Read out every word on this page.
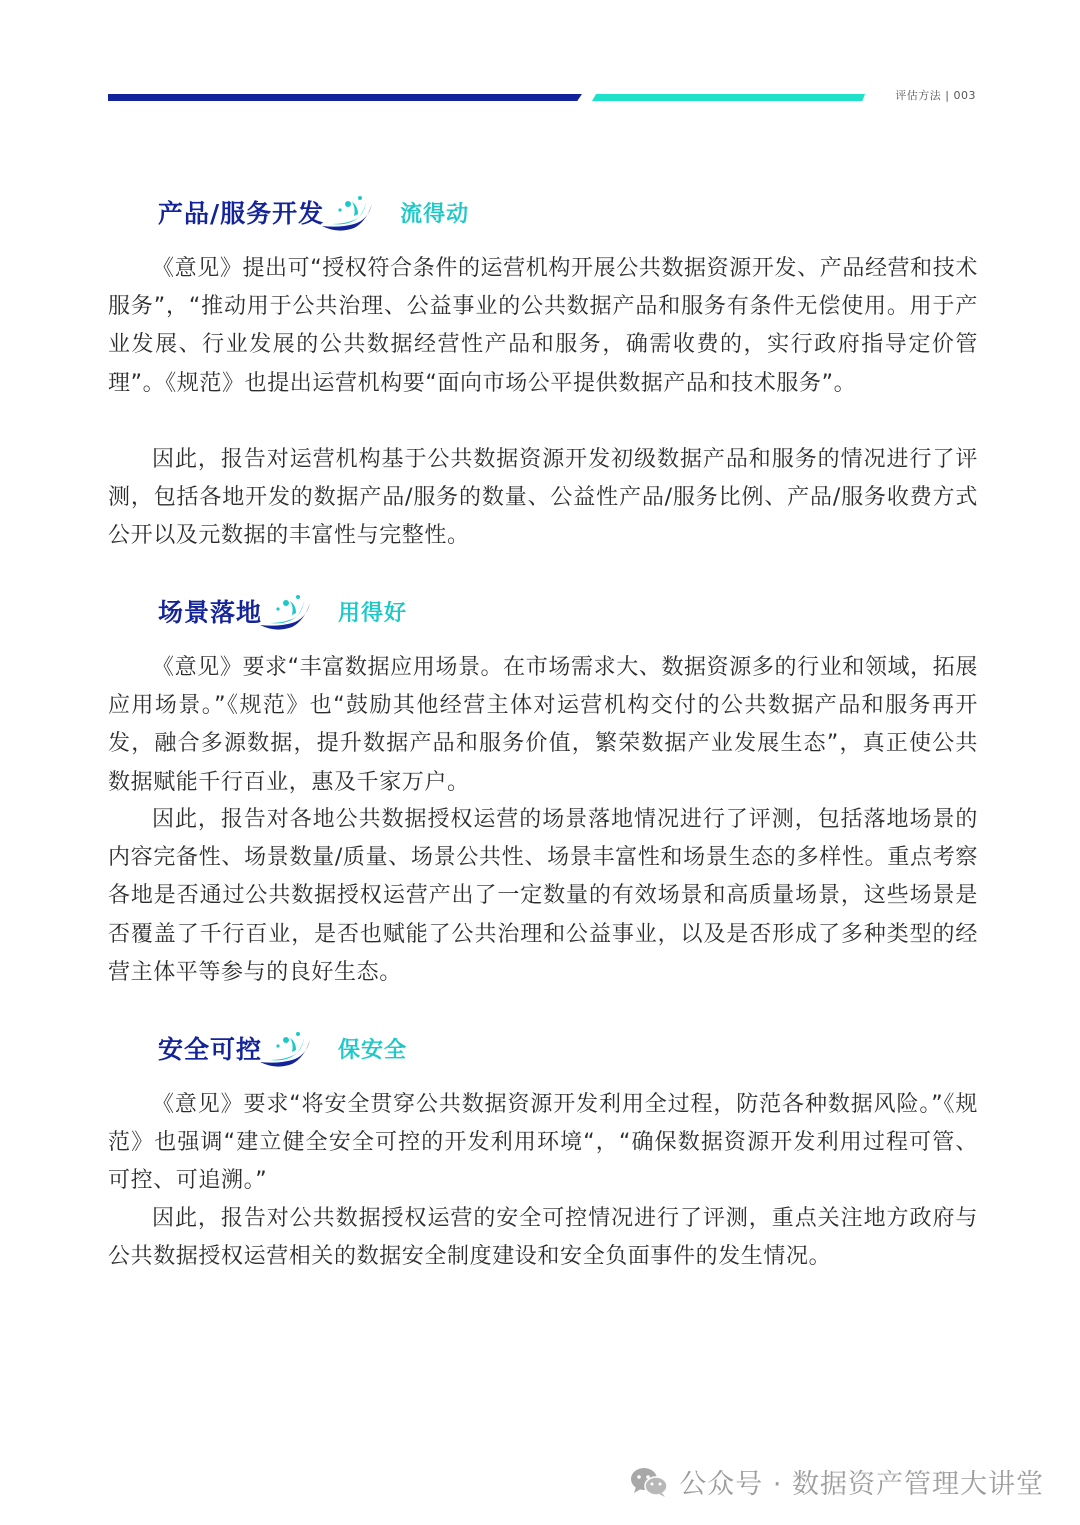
评估方法 | 003
产品/服务开发	流得动

《意见》提出可“授权符合条件的运营机构开展公共数据资源开发、产品经营和技术服务”，“推动用于公共治理、公益事业的公共数据产品和服务有条件无偿使用。用于产业发展、行业发展的公共数据经营性产品和服务，确需收费的，实行政府指导定价管理”。《规范》也提出运营机构要“面向市场公平提供数据产品和技术服务”。

因此，报告对运营机构基于公共数据资源开发初级数据产品和服务的情况进行了评测，包括各地开发的数据产品/服务的数量、公益性产品/服务比例、产品/服务收费方式公开以及元数据的丰富性与完整性。

场景落地	用得好

《意见》要求“丰富数据应用场景。在市场需求大、数据资源多的行业和领域，拓展应用场景。”《规范》也“鼓励其他经营主体对运营机构交付的公共数据产品和服务再开发，融合多源数据，提升数据产品和服务价值，繁荣数据产业发展生态”，真正使公共数据赋能千行百业，惠及千家万户。

因此，报告对各地公共数据授权运营的场景落地情况进行了评测，包括落地场景的内容完备性、场景数量/质量、场景公共性、场景丰富性和场景生态的多样性。重点考察各地是否通过公共数据授权运营产出了一定数量的有效场景和高质量场景，这些场景是否覆盖了千行百业，是否也赋能了公共治理和公益事业，以及是否形成了多种类型的经营主体平等参与的良好生态。

安全可控	保安全

《意见》要求“将安全贯穿公共数据资源开发利用全过程，防范各种数据风险。”《规范》也强调“建立健全安全可控的开发利用环境“，“确保数据资源开发利用过程可管、可控、可追溯。”

因此，报告对公共数据授权运营的安全可控情况进行了评测，重点关注地方政府与公共数据授权运营相关的数据安全制度建设和安全负面事件的发生情况。

公众号 · 数据资产管理大讲堂
